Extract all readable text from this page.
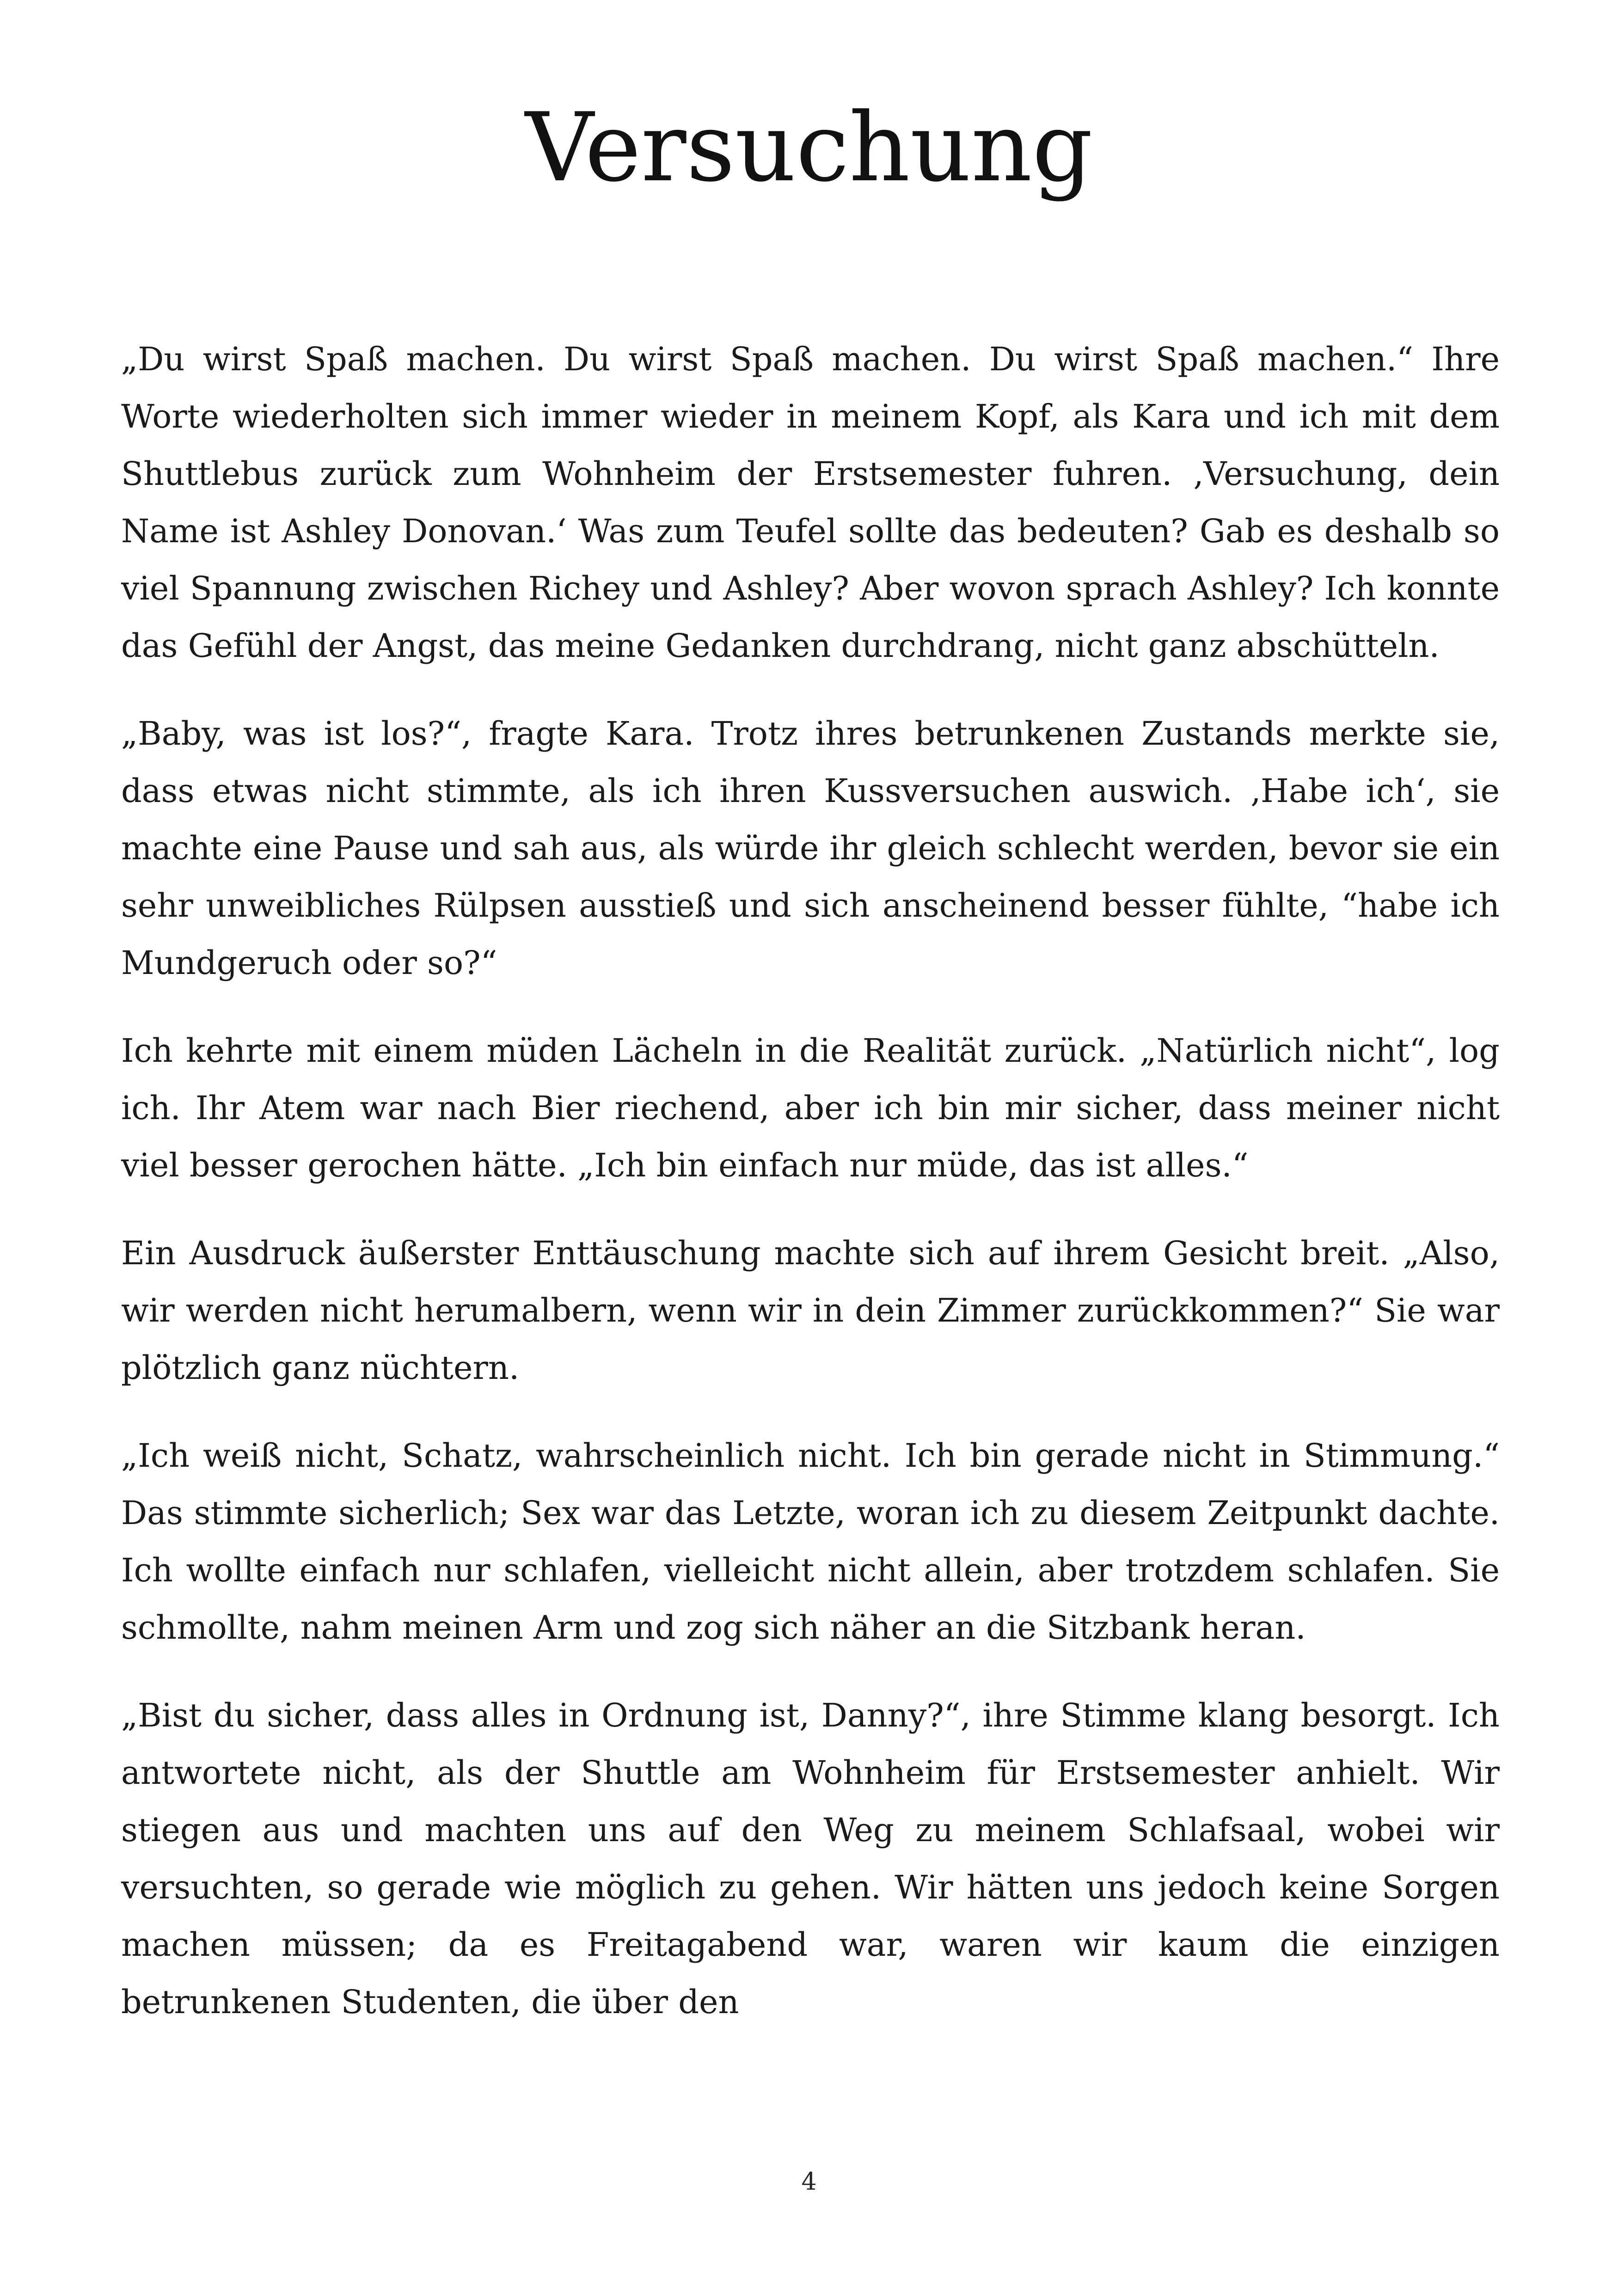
Versuchung

„Du wirst Spaß machen. Du wirst Spaß machen. Du wirst Spaß machen.“ Ihre Worte wiederholten sich immer wieder in meinem Kopf, als Kara und ich mit dem Shuttlebus zurück zum Wohnheim der Erstsemester fuhren. ‚Versuchung, dein Name ist Ashley Donovan.‘ Was zum Teufel sollte das bedeuten? Gab es deshalb so viel Spannung zwischen Richey und Ashley? Aber wovon sprach Ashley? Ich konnte das Gefühl der Angst, das meine Gedanken durchdrang, nicht ganz abschütteln.

„Baby, was ist los?“, fragte Kara. Trotz ihres betrunkenen Zustands merkte sie, dass etwas nicht stimmte, als ich ihren Kussversuchen auswich. ‚Habe ich‘, sie machte eine Pause und sah aus, als würde ihr gleich schlecht werden, bevor sie ein sehr unweibliches Rülpsen ausstieß und sich anscheinend besser fühlte, “habe ich Mundgeruch oder so?“

Ich kehrte mit einem müden Lächeln in die Realität zurück. „Natürlich nicht“, log ich. Ihr Atem war nach Bier riechend, aber ich bin mir sicher, dass meiner nicht viel besser gerochen hätte. „Ich bin einfach nur müde, das ist alles.“

Ein Ausdruck äußerster Enttäuschung machte sich auf ihrem Gesicht breit. „Also, wir werden nicht herumalbern, wenn wir in dein Zimmer zurückkommen?“ Sie war plötzlich ganz nüchtern.

„Ich weiß nicht, Schatz, wahrscheinlich nicht. Ich bin gerade nicht in Stimmung.“ Das stimmte sicherlich; Sex war das Letzte, woran ich zu diesem Zeitpunkt dachte. Ich wollte einfach nur schlafen, vielleicht nicht allein, aber trotzdem schlafen. Sie schmollte, nahm meinen Arm und zog sich näher an die Sitzbank heran.

„Bist du sicher, dass alles in Ordnung ist, Danny?“, ihre Stimme klang besorgt. Ich antwortete nicht, als der Shuttle am Wohnheim für Erstsemester anhielt. Wir stiegen aus und machten uns auf den Weg zu meinem Schlafsaal, wobei wir versuchten, so gerade wie möglich zu gehen. Wir hätten uns jedoch keine Sorgen machen müssen; da es Freitagabend war, waren wir kaum die einzigen betrunkenen Studenten, die über den

4
